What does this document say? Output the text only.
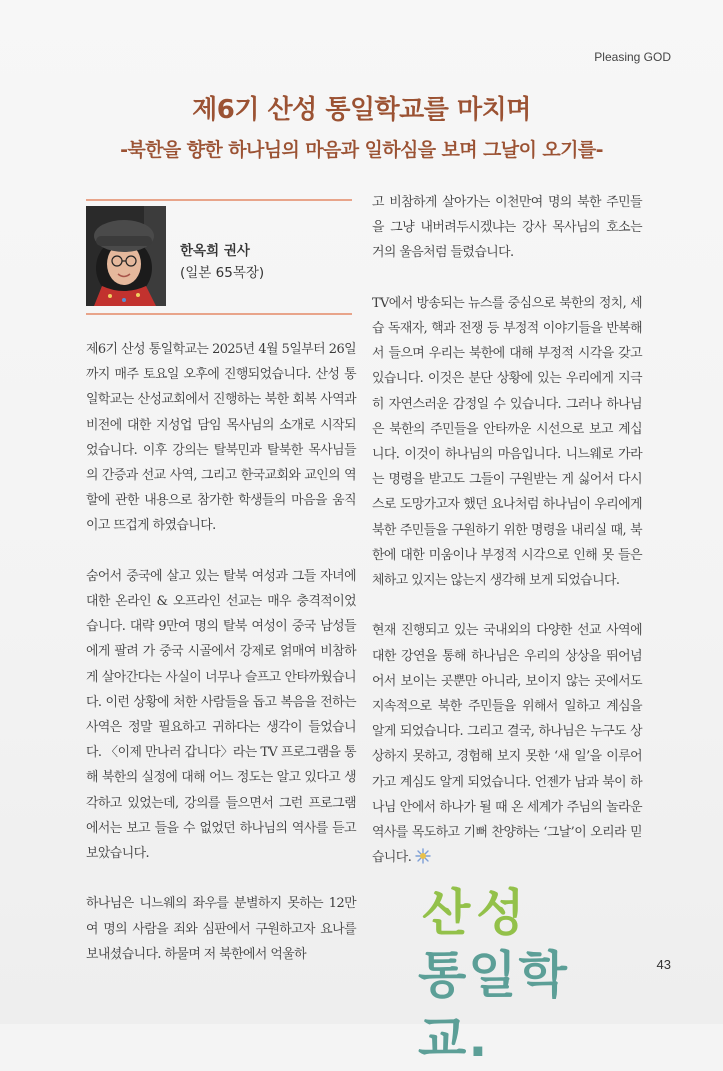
Pleasing GOD
제6기 산성 통일학교를 마치며
-북한을 향한 하나님의 마음과 일하심을 보며 그날이 오기를-
한옥희 권사
(일본 65목장)

제6기 산성 통일학교는 2025년 4월 5일부터 26일까지 매주 토요일 오후에 진행되었습니다. 산성 통일학교는 산성교회에서 진행하는 북한 회복 사역과 비전에 대한 지성업 담임 목사님의 소개로 시작되었습니다. 이후 강의는 탈북민과 탈북한 목사님들의 간증과 선교 사역, 그리고 한국교회와 교인의 역할에 관한 내용으로 참가한 학생들의 마음을 움직이고 뜨겁게 하였습니다.

숨어서 중국에 살고 있는 탈북 여성과 그들 자녀에 대한 온라인 & 오프라인 선교는 매우 충격적이었습니다. 대략 9만여 명의 탈북 여성이 중국 남성들에게 팔려 가 중국 시골에서 강제로 얽매여 비참하게 살아간다는 사실이 너무나 슬프고 안타까웠습니다. 이런 상황에 처한 사람들을 돕고 복음을 전하는 사역은 정말 필요하고 귀하다는 생각이 들었습니다. 〈이제 만나러 갑니다〉라는 TV 프로그램을 통해 북한의 실정에 대해 어느 정도는 알고 있다고 생각하고 있었는데, 강의를 들으면서 그런 프로그램에서는 보고 들을 수 없었던 하나님의 역사를 듣고 보았습니다.

하나님은 니느웨의 좌우를 분별하지 못하는 12만여 명의 사람을 죄와 심판에서 구원하고자 요나를 보내셨습니다. 하물며 저 북한에서 억울하

고 비참하게 살아가는 이천만여 명의 북한 주민들을 그냥 내버려두시겠냐는 강사 목사님의 호소는 거의 울음처럼 들렸습니다.

TV에서 방송되는 뉴스를 중심으로 북한의 정치, 세습 독재자, 핵과 전쟁 등 부정적 이야기들을 반복해서 들으며 우리는 북한에 대해 부정적 시각을 갖고 있습니다. 이것은 분단 상황에 있는 우리에게 지극히 자연스러운 감정일 수 있습니다. 그러나 하나님은 북한의 주민들을 안타까운 시선으로 보고 계십니다. 이것이 하나님의 마음입니다. 니느웨로 가라는 명령을 받고도 그들이 구원받는 게 싫어서 다시스로 도망가고자 했던 요나처럼 하나님이 우리에게 북한 주민들을 구원하기 위한 명령을 내리실 때, 북한에 대한 미움이나 부정적 시각으로 인해 못 들은 체하고 있지는 않는지 생각해 보게 되었습니다.

현재 진행되고 있는 국내외의 다양한 선교 사역에 대한 강연을 통해 하나님은 우리의 상상을 뛰어넘어서 보이는 곳뿐만 아니라, 보이지 않는 곳에서도 지속적으로 북한 주민들을 위해서 일하고 계심을 알게 되었습니다. 그리고 결국, 하나님은 누구도 상상하지 못하고, 경험해 보지 못한 ‘새 일’을 이루어가고 계심도 알게 되었습니다. 언젠가 남과 북이 하나님 안에서 하나가 될 때 온 세계가 주님의 놀라운 역사를 목도하고 기뻐 찬양하는 ‘그날’이 오리라 믿습니다.

산성
통일학교.
43
